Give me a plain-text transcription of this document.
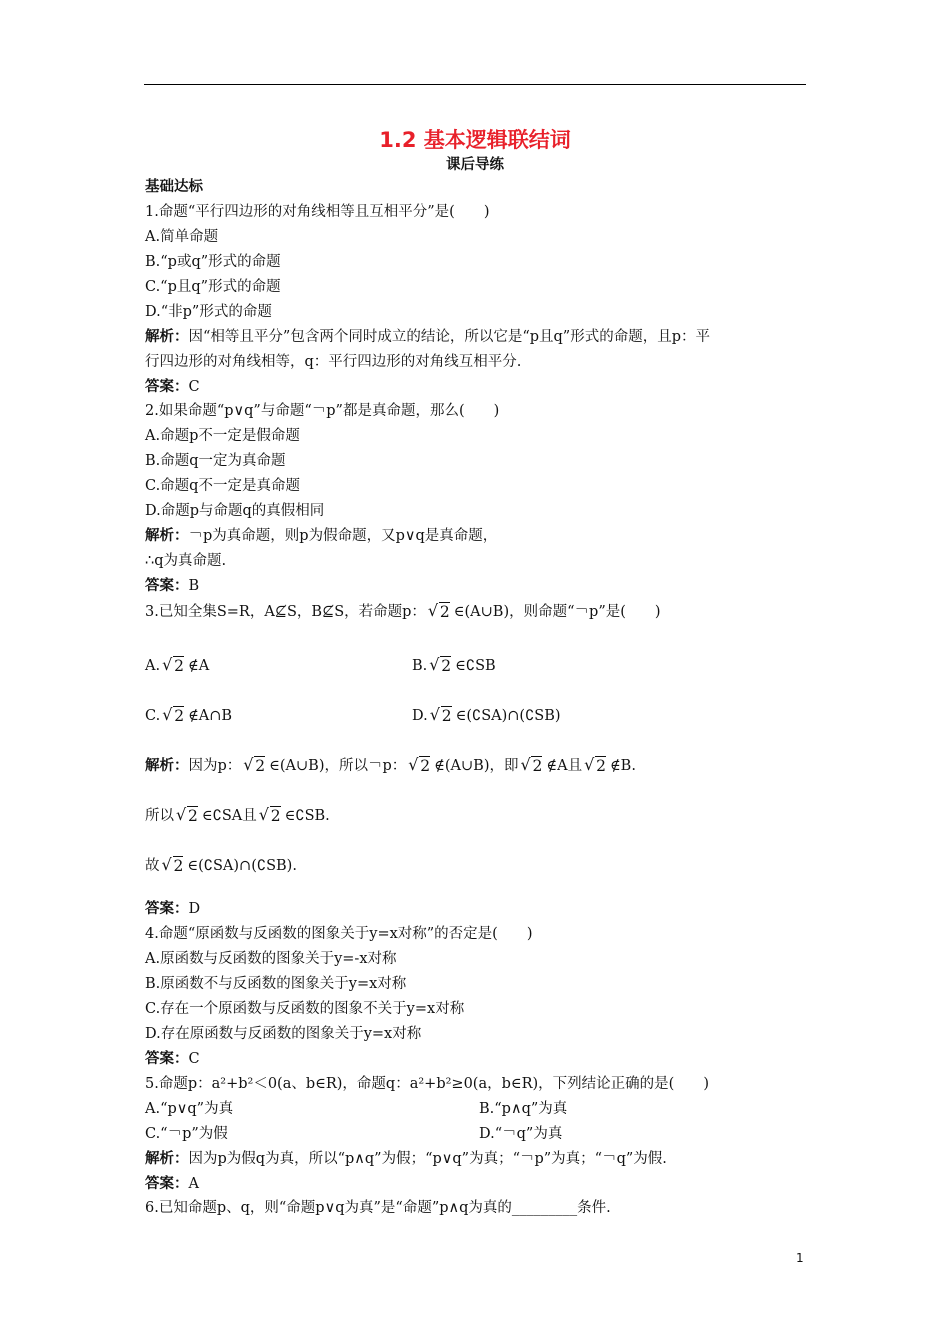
1.2 基本逻辑联结词
课后导练
基础达标
1.命题“平行四边形的对角线相等且互相平分”是(　　)
A.简单命题
B.“p或q”形式的命题
C.“p且q”形式的命题
D.“非p”形式的命题
解析：因“相等且平分”包含两个同时成立的结论，所以它是“p且q”形式的命题，且p：平
行四边形的对角线相等，q：平行四边形的对角线互相平分.
答案：C
2.如果命题“p∨q”与命题“￢p”都是真命题，那么(　　)
A.命题p不一定是假命题
B.命题q一定为真命题
C.命题q不一定是真命题
D.命题p与命题q的真假相同
解析：￢p为真命题，则p为假命题，又p∨q是真命题，
∴q为真命题.
答案：B
3.已知全集S=R，A⊈S，B⊈S，若命题p： √ 2 ∈(A∪B)，则命题“￢p”是(　　)
A. √ 2 ∉A	B. √ 2 ∈∁SB
C. √ 2 ∉A∩B	D. √ 2 ∈(∁SA)∩(∁SB)
解析：因为p： √ 2 ∈(A∪B)，所以￢p： √ 2 ∉(A∪B)，即 √ 2 ∉A且 √ 2 ∉B.
所以 √ 2 ∈∁SA且 √ 2 ∈∁SB.
故 √ 2 ∈(∁SA)∩(∁SB).
答案：D
4.命题“原函数与反函数的图象关于y=x对称”的否定是(　　)
A.原函数与反函数的图象关于y=-x对称
B.原函数不与反函数的图象关于y=x对称
C.存在一个原函数与反函数的图象不关于y=x对称
D.存在原函数与反函数的图象关于y=x对称
答案：C
5.命题p：a²+b²＜0(a、b∈R)，命题q：a²+b²≥0(a，b∈R)，下列结论正确的是(　　)
A.“p∨q”为真	B.“p∧q”为真
C.“￢p”为假	D.“￢q”为真
解析：因为p为假q为真，所以“p∧q”为假；“p∨q”为真；“￢p”为真；“￢q”为假.
答案：A
6.已知命题p、q，则“命题p∨q为真”是“命题”p∧q为真的_________条件.
1
